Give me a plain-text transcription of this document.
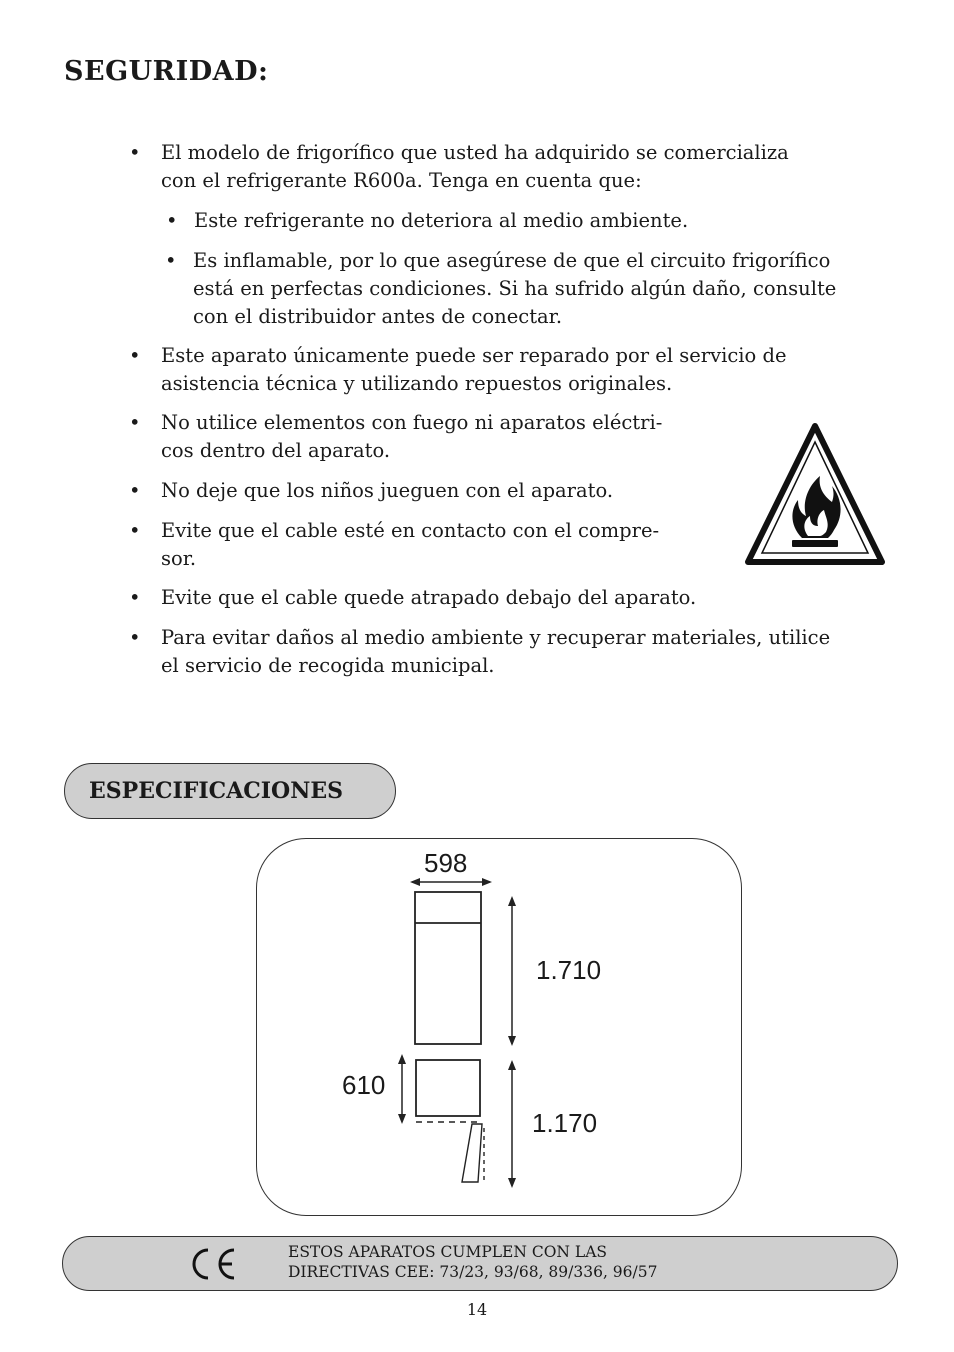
SEGURIDAD:
• El modelo de frigorífico que usted ha adquirido se comercializa
con el refrigerante R600a. Tenga en cuenta que:
• Este refrigerante no deteriora al medio ambiente.
• Es inflamable, por lo que asegúrese de que el circuito frigorífico
está en perfectas condiciones. Si ha sufrido algún daño, consulte
con el distribuidor antes de conectar.
• Este aparato únicamente puede ser reparado por el servicio de
asistencia técnica y utilizando repuestos originales.
• No utilice elementos con fuego ni aparatos eléctri-
cos dentro del aparato.
• No deje que los niños jueguen con el aparato.
• Evite que el cable esté en contacto con el compre-
sor.
• Evite que el cable quede atrapado debajo del aparato.
• Para evitar daños al medio ambiente y recuperar materiales, utilice
el servicio de recogida municipal.
ESPECIFICACIONES
598
1.710
610
1.170
ESTOS APARATOS CUMPLEN CON LAS
DIRECTIVAS CEE: 73/23, 93/68, 89/336, 96/57
14
